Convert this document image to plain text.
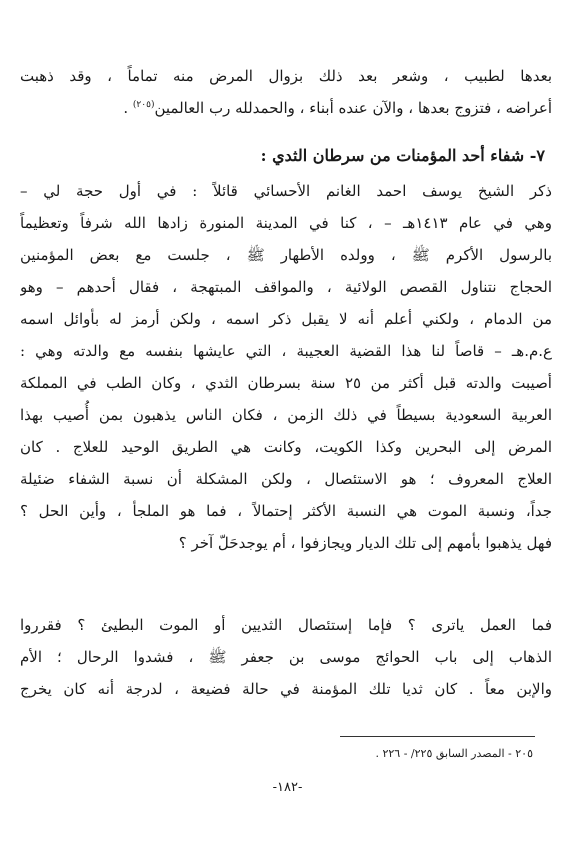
بعدها لطبيب ، وشعر بعد ذلك بزوال المرض منه تماماً ، وقد ذهبت
أعراضه ، فتزوج بعدها ، والآن عنده أبناء ، والحمدلله رب العالمين$^{(٢٠٥)}$ .
٧- شفاء أحد المؤمنات من سرطان الثدي :
ذكر الشيخ يوسف احمد الغانم الأحسائي قائلاً : في أول حجة لي –
وهي في عام ١٤١٣هـ – ، كنا في المدينة المنورة زادها الله شرفاً وتعظيماً
بالرسول الأكرم ﷺ ، وولده الأطهار ﷺ ، جلست مع بعض المؤمنين
الحجاج نتناول القصص الولائية ، والمواقف المبتهجة ، فقال أحدهم – وهو
من الدمام ، ولكني أعلم أنه لا يقبل ذكر اسمه ، ولكن أرمز له بأوائل اسمه
ع.م.هـ – قاصاً لنا هذا القضية العجيبة ، التي عايشها بنفسه مع والدته وهي :
أصيبت والدته قبل أكثر من ٢٥ سنة بسرطان الثدي ، وكان الطب في المملكة
العربية السعودية بسيطاً في ذلك الزمن ، فكان الناس يذهبون بمن أُصيب بهذا
المرض إلى البحرين وكذا الكويت، وكانت هي الطريق الوحيد للعلاج . كان
العلاج المعروف ؛ هو الاستئصال ، ولكن المشكلة أن نسبة الشفاء ضئيلة
جداً، ونسبة الموت هي النسبة الأكثر إحتمالاً ، فما هو الملجأ ، وأين الحل ؟
فهل يذهبوا بأمهم إلى تلك الديار ويجازفوا ، أم يوجدحَلّ آخر ؟
فما العمل ياترى ؟ فإما إستئصال الثديين أو الموت البطيئ ؟ فقرروا
الذهاب إلى باب الحوائج موسى بن جعفر ﷺ ، فشدوا الرحال ؛ الأم
والإبن معاً . كان ثديا تلك المؤمنة في حالة فضيعة ، لدرجة أنه كان يخرج
٢٠٥ - المصدر السابق ٢٢٥/ - ٢٢٦ .
-١٨٢-
